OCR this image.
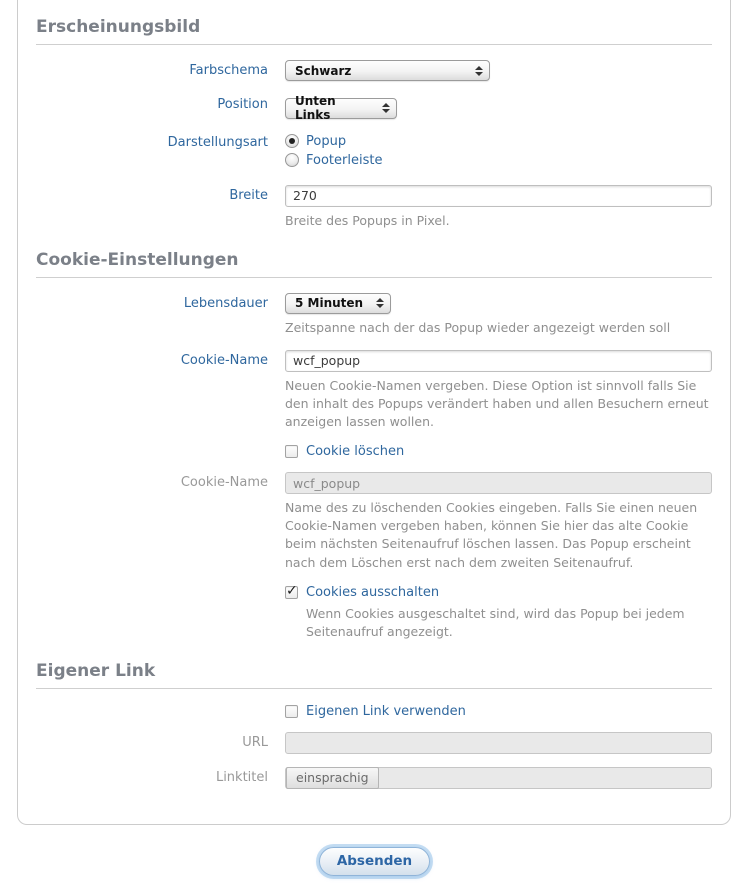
Erscheinungsbild
Farbschema Schwarz
Position Unten Links
Darstellungsart	Popup
Footerleiste
Breite
270
Breite des Popups in Pixel.
Cookie-Einstellungen
Lebensdauer 5 Minuten
Zeitspanne nach der das Popup wieder angezeigt werden soll
Cookie-Name
wcf_popup
Neuen Cookie-Namen vergeben. Diese Option ist sinnvoll falls Sie den inhalt des Popups verändert haben und allen Besuchern erneut anzeigen lassen wollen.
Cookie löschen
Cookie-Name
wcf_popup
Name des zu löschenden Cookies eingeben. Falls Sie einen neuen Cookie-Namen vergeben haben, können Sie hier das alte Cookie beim nächsten Seitenaufruf löschen lassen. Das Popup erscheint nach dem Löschen erst nach dem zweiten Seitenaufruf.
✓
Cookies ausschalten
Wenn Cookies ausgeschaltet sind, wird das Popup bei jedem Seitenaufruf angezeigt.
Eigener Link
Eigenen Link verwenden
URL
Linktitel	einsprachig
Absenden
